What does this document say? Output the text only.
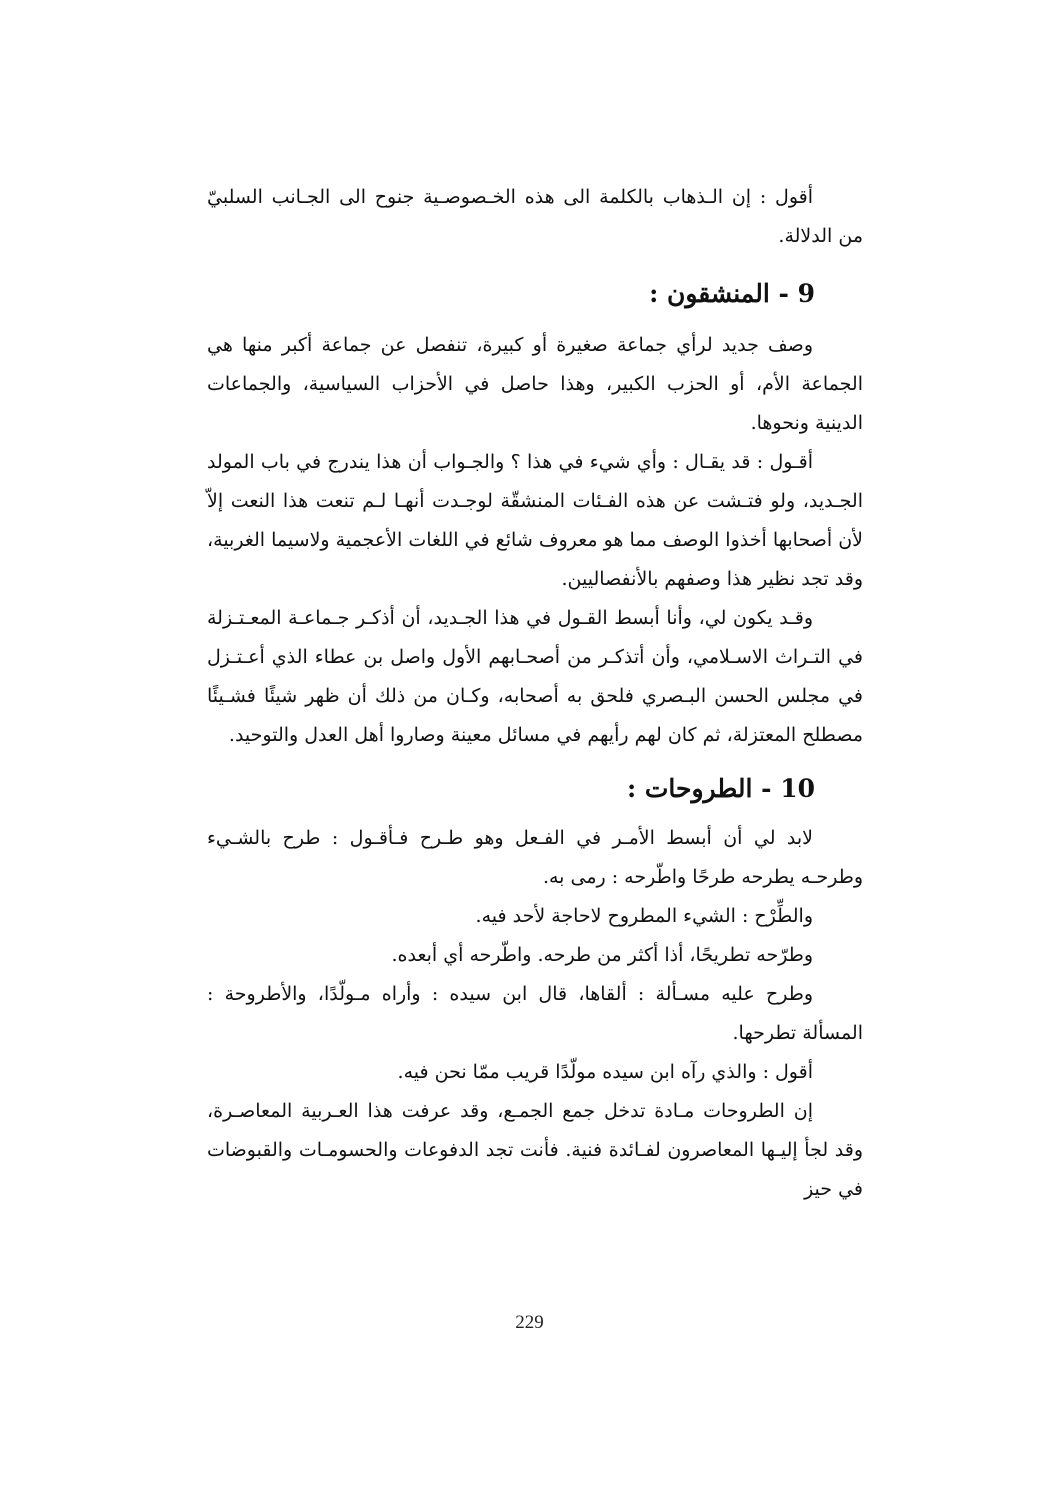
أقول : إن الـذهاب بالكلمة الى هذه الخـصوصـية جنوح الى الجـانب السلبيّ من الدلالة.

9 - المنشقون :

وصف جديد لرأي جماعة صغيرة أو كبيرة، تنفصل عن جماعة أكبر منها هي الجماعة الأم، أو الحزب الكبير، وهذا حاصل في الأحزاب السياسية، والجماعات الدينية ونحوها.

أقـول : قد يقـال : وأي شيء في هذا ؟ والجـواب أن هذا يندرج في باب المولد الجـديد، ولو فتـشت عن هذه الفـئات المنشقّة لوجـدت أنهـا لـم تنعت هذا النعت إلاّ لأن أصحابها أخذوا الوصف مما هو معروف شائع في اللغات الأعجمية ولاسيما الغربية، وقد تجد نظير هذا وصفهم بالأنفصاليين.

وقـد يكون لي، وأنا أبسط القـول في هذا الجـديد، أن أذكـر جـماعـة المعـتـزلة في التـراث الاسـلامي، وأن أتذكـر من أصحـابهم الأول واصل بن عطاء الذي أعـتـزل في مجلس الحسن البـصري فلحق به أصحابه، وكـان من ذلك أن ظهر شيئًا فشـيئًا مصطلح المعتزلة، ثم كان لهم رأيهم في مسائل معينة وصاروا أهل العدل والتوحيد.

10 - الطروحات :

لابد لي أن أبسط الأمـر في الفـعل وهو طـرح فـأقـول : طرح بالشـيء وطرحـه يطرحه طرحًا واطّرحه : رمى به.

والطِّرْح : الشيء المطروح لاحاجة لأحد فيه.

وطرّحه تطريحًا، أذا أكثر من طرحه. واطّرحه أي أبعده.

وطرح عليه مسـألة : ألقاها، قال ابن سيده : وأراه مـولّدًا، والأطروحة : المسألة تطرحها.

أقول : والذي رآه ابن سيده مولّدًا قريب ممّا نحن فيه.

إن الطروحات مـادة تدخل جمع الجمـع، وقد عرفت هذا العـربية المعاصـرة، وقد لجأ إليـها المعاصرون لفـائدة فنية. فأنت تجد الدفوعات والحسومـات والقبوضات في حيز

229
